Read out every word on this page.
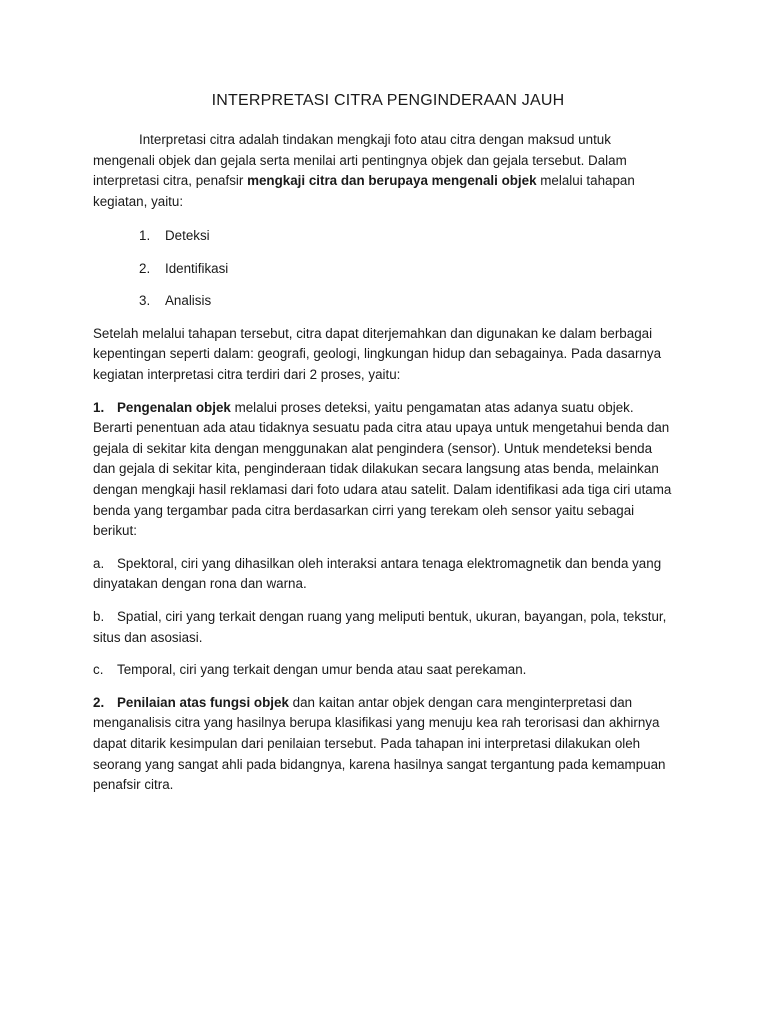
INTERPRETASI CITRA PENGINDERAAN JAUH

Interpretasi citra adalah tindakan mengkaji foto atau citra dengan maksud untuk mengenali objek dan gejala serta menilai arti pentingnya objek dan gejala tersebut. Dalam interpretasi citra, penafsir mengkaji citra dan berupaya mengenali objek melalui tahapan kegiatan, yaitu:

1. Deteksi
2. Identifikasi
3. Analisis

Setelah melalui tahapan tersebut, citra dapat diterjemahkan dan digunakan ke dalam berbagai kepentingan seperti dalam: geografi, geologi, lingkungan hidup dan sebagainya. Pada dasarnya kegiatan interpretasi citra terdiri dari 2 proses, yaitu:

1. Pengenalan objek melalui proses deteksi, yaitu pengamatan atas adanya suatu objek. Berarti penentuan ada atau tidaknya sesuatu pada citra atau upaya untuk mengetahui benda dan gejala di sekitar kita dengan menggunakan alat pengindera (sensor). Untuk mendeteksi benda dan gejala di sekitar kita, penginderaan tidak dilakukan secara langsung atas benda, melainkan dengan mengkaji hasil reklamasi dari foto udara atau satelit. Dalam identifikasi ada tiga ciri utama benda yang tergambar pada citra berdasarkan cirri yang terekam oleh sensor yaitu sebagai berikut:

a. Spektoral, ciri yang dihasilkan oleh interaksi antara tenaga elektromagnetik dan benda yang dinyatakan dengan rona dan warna.

b. Spatial, ciri yang terkait dengan ruang yang meliputi bentuk, ukuran, bayangan, pola, tekstur, situs dan asosiasi.

c. Temporal, ciri yang terkait dengan umur benda atau saat perekaman.

2. Penilaian atas fungsi objek dan kaitan antar objek dengan cara menginterpretasi dan menganalisis citra yang hasilnya berupa klasifikasi yang menuju kea rah terorisasi dan akhirnya dapat ditarik kesimpulan dari penilaian tersebut. Pada tahapan ini interpretasi dilakukan oleh seorang yang sangat ahli pada bidangnya, karena hasilnya sangat tergantung pada kemampuan penafsir citra.
